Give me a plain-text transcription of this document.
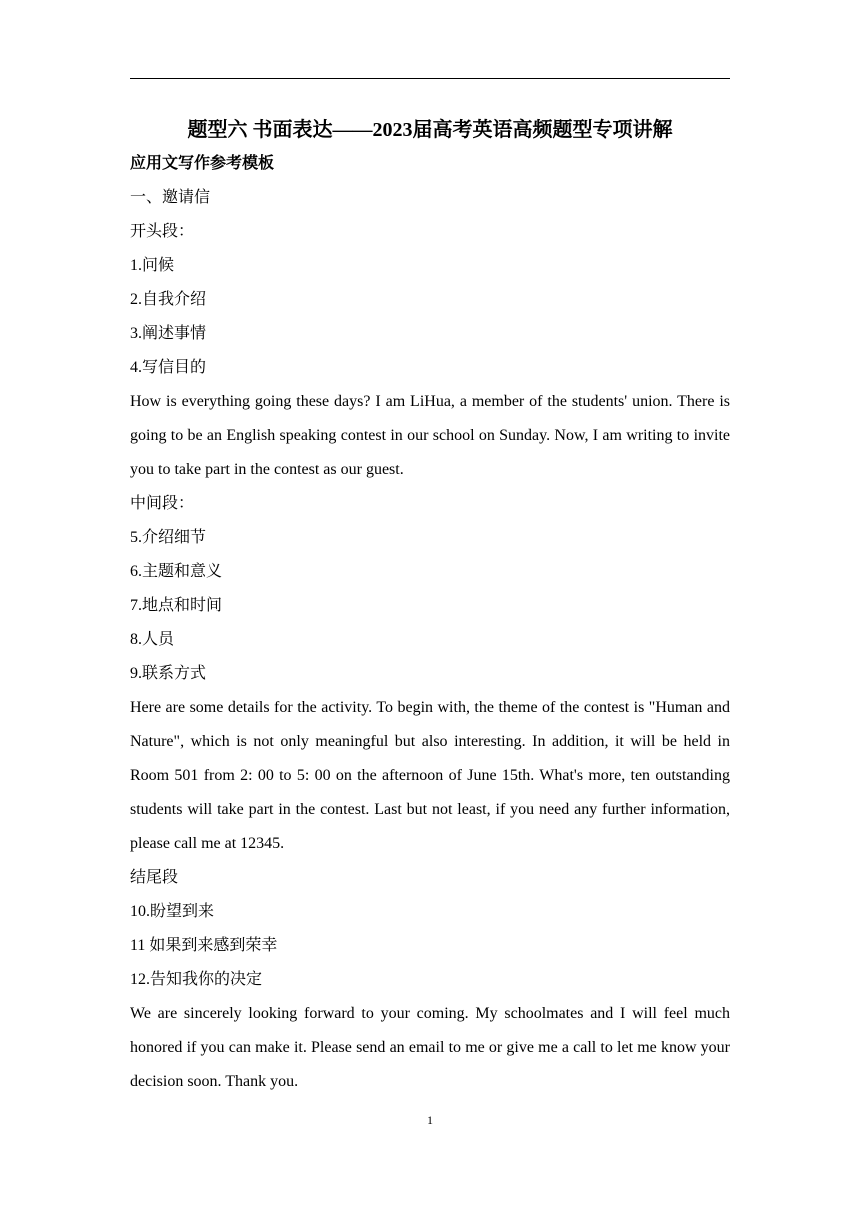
题型六 书面表达——2023届高考英语高频题型专项讲解

应用文写作参考模板

一、邀请信

开头段：

1.问候

2.自我介绍

3.阐述事情

4.写信目的

How is everything going these days? I am LiHua, a member of the students' union. There is going to be an English speaking contest in our school on Sunday. Now, I am writing to invite you to take part in the contest as our guest.

中间段：

5.介绍细节

6.主题和意义

7.地点和时间

8.人员

9.联系方式

Here are some details for the activity. To begin with, the theme of the contest is "Human and Nature", which is not only meaningful but also interesting. In addition, it will be held in Room 501 from 2: 00 to 5: 00 on the afternoon of June 15th. What's more, ten outstanding students will take part in the contest. Last but not least, if you need any further information, please call me at 12345.

结尾段

10.盼望到来

11 如果到来感到荣幸

12.告知我你的决定

We are sincerely looking forward to your coming. My schoolmates and I will feel much honored if you can make it. Please send an email to me or give me a call to let me know your decision soon. Thank you.

1
